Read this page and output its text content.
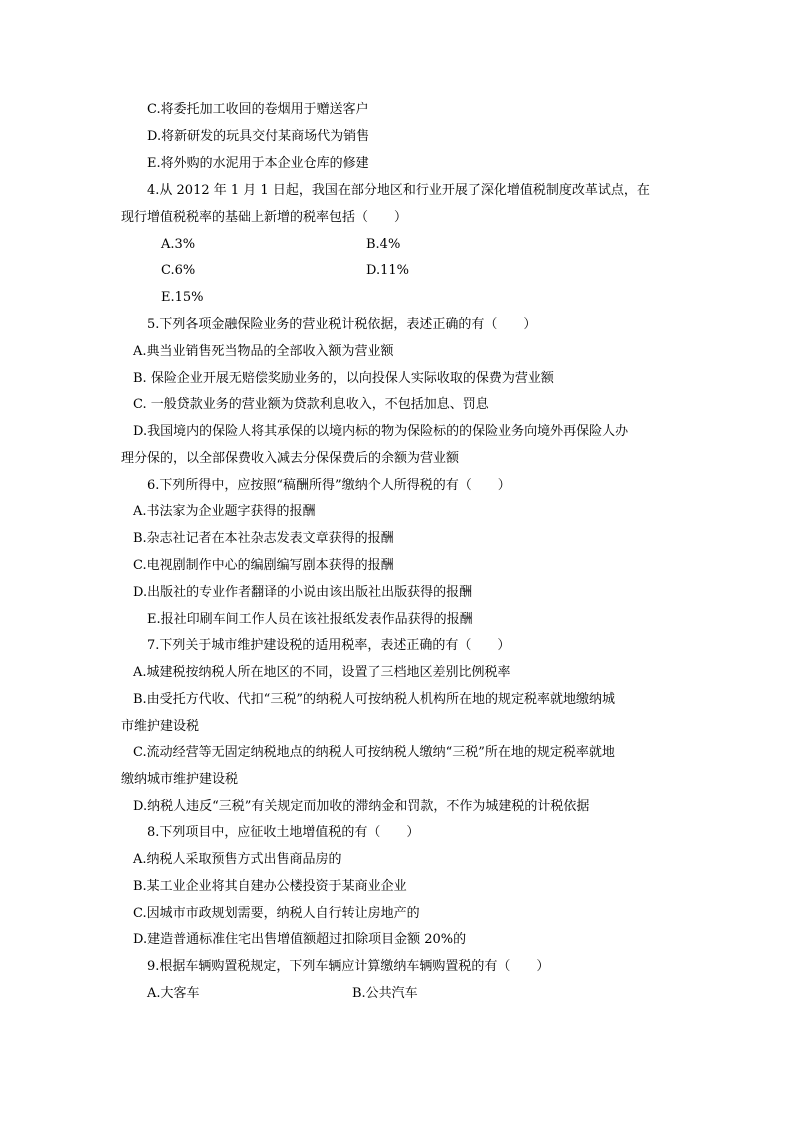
C.将委托加工收回的卷烟用于赠送客户
D.将新研发的玩具交付某商场代为销售
E.将外购的水泥用于本企业仓库的修建
4.从 2012 年 1 月 1 日起，我国在部分地区和行业开展了深化增值税制度改革试点，在
现行增值税税率的基础上新增的税率包括（　　）
A.3%	B.4%
C.6%	D.11%
E.15%
5.下列各项金融保险业务的营业税计税依据，表述正确的有（　　）
A.典当业销售死当物品的全部收入额为营业额
B. 保险企业开展无赔偿奖励业务的，以向投保人实际收取的保费为营业额
C. 一般贷款业务的营业额为贷款利息收入，不包括加息、罚息
D.我国境内的保险人将其承保的以境内标的物为保险标的的保险业务向境外再保险人办
理分保的，以全部保费收入减去分保保费后的余额为营业额
6.下列所得中，应按照“稿酬所得”缴纳个人所得税的有（　　）
A.书法家为企业题字获得的报酬
B.杂志社记者在本社杂志发表文章获得的报酬
C.电视剧制作中心的编剧编写剧本获得的报酬
D.出版社的专业作者翻译的小说由该出版社出版获得的报酬
E.报社印刷车间工作人员在该社报纸发表作品获得的报酬
7.下列关于城市维护建设税的适用税率，表述正确的有（　　）
A.城建税按纳税人所在地区的不同，设置了三档地区差别比例税率
B.由受托方代收、代扣“三税”的纳税人可按纳税人机构所在地的规定税率就地缴纳城
市维护建设税
C.流动经营等无固定纳税地点的纳税人可按纳税人缴纳“三税”所在地的规定税率就地
缴纳城市维护建设税
D.纳税人违反“三税”有关规定而加收的滞纳金和罚款，不作为城建税的计税依据
8.下列项目中，应征收土地增值税的有（　　）
A.纳税人采取预售方式出售商品房的
B.某工业企业将其自建办公楼投资于某商业企业
C.因城市市政规划需要，纳税人自行转让房地产的
D.建造普通标准住宅出售增值额超过扣除项目金额 20%的
9.根据车辆购置税规定，下列车辆应计算缴纳车辆购置税的有（　　）
A.大客车	B.公共汽车
